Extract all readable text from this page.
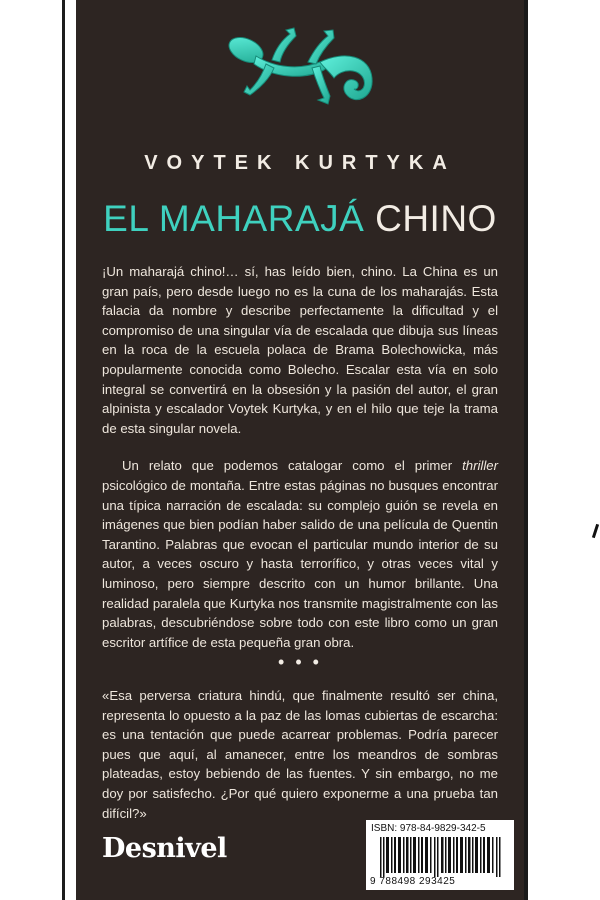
VOYTEK KURTYKA
EL MAHARAJÁ CHINO

¡Un maharajá chino!… sí, has leído bien, chino. La China es un gran país, pero desde luego no es la cuna de los maharajás. Esta falacia da nombre y describe perfectamente la dificultad y el compromiso de una singular vía de escalada que dibuja sus líneas en la roca de la escuela polaca de Brama Bolechowicka, más popularmente conocida como Bolecho. Escalar esta vía en solo integral se convertirá en la obsesión y la pasión del autor, el gran alpinista y escalador Voytek Kurtyka, y en el hilo que teje la trama de esta singular novela.

Un relato que podemos catalogar como el primer thriller psicológico de montaña. Entre estas páginas no busques encontrar una típica narración de escalada: su complejo guión se revela en imágenes que bien podían haber salido de una película de Quentin Tarantino. Palabras que evocan el particular mundo interior de su autor, a veces oscuro y hasta terrorífico, y otras veces vital y luminoso, pero siempre descrito con un humor brillante. Una realidad paralela que Kurtyka nos transmite magistralmente con las palabras, descubriéndose sobre todo con este libro como un gran escritor artífice de esta pequeña gran obra.

• • •

«Esa perversa criatura hindú, que finalmente resultó ser china, representa lo opuesto a la paz de las lomas cubiertas de escarcha: es una tentación que puede acarrear problemas. Podría parecer pues que aquí, al amanecer, entre los meandros de sombras plateadas, estoy bebiendo de las fuentes. Y sin embargo, no me doy por satisfecho. ¿Por qué quiero exponerme a una prueba tan difícil?»

Desnivel
ISBN: 978-84-9829-342-5
9 788498 293425
